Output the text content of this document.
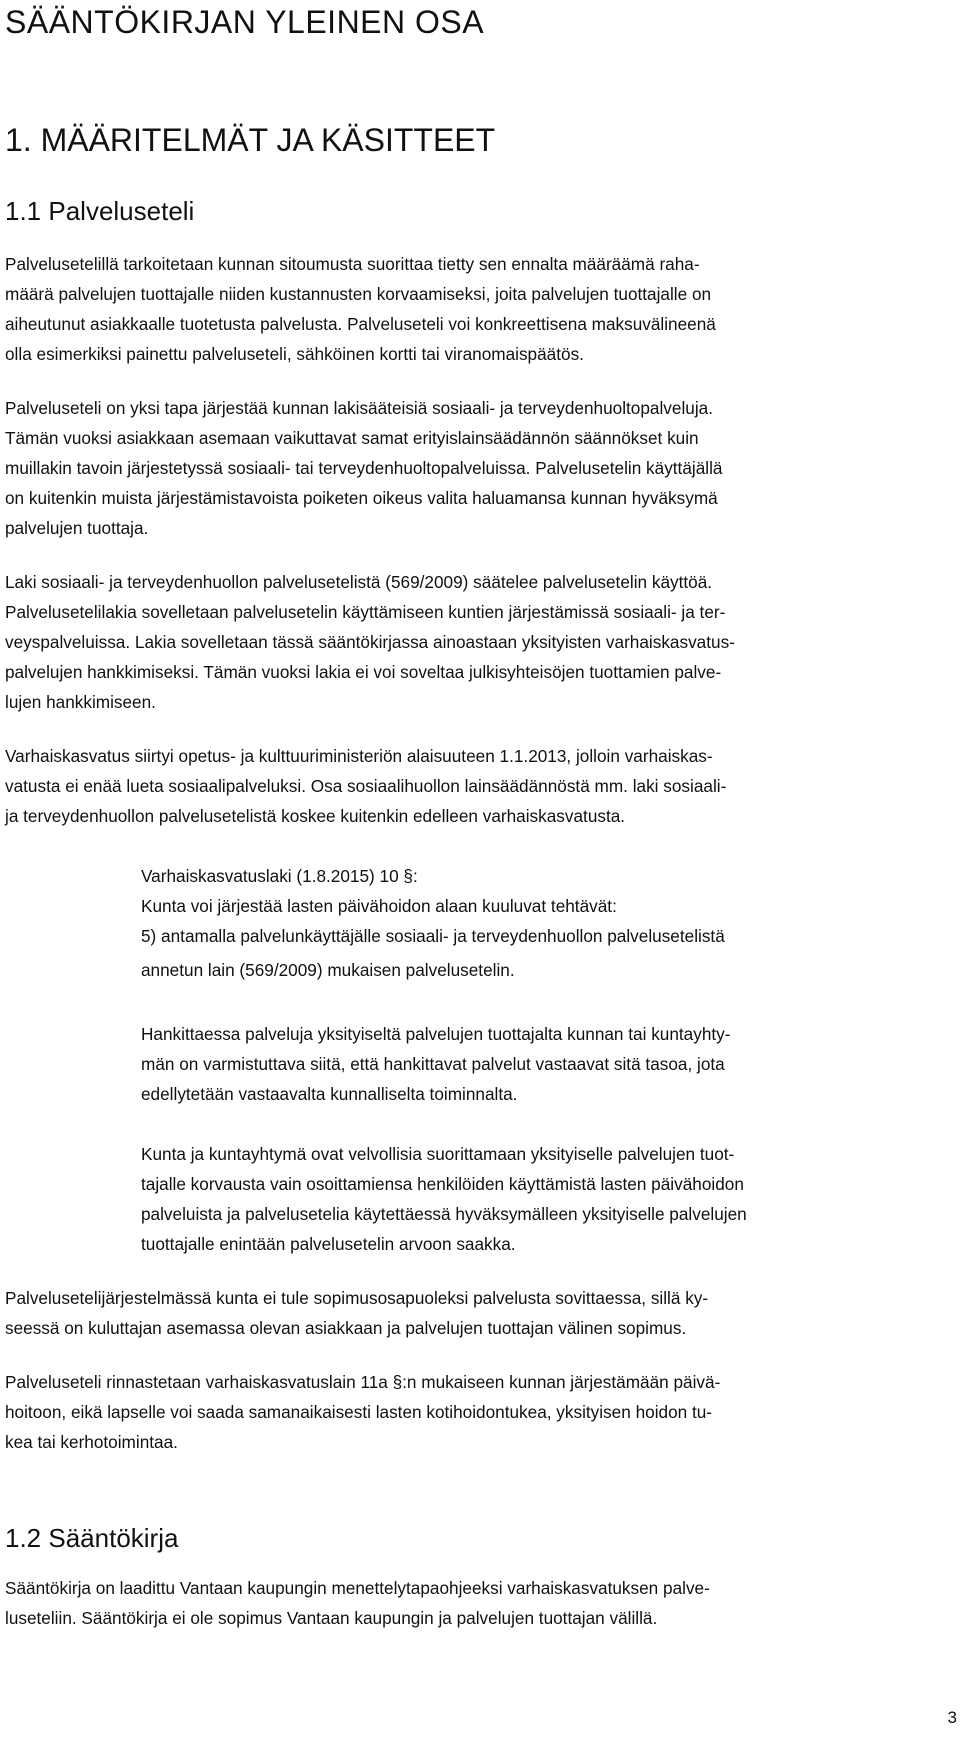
SÄÄNTÖKIRJAN YLEINEN OSA
1. MÄÄRITELMÄT JA KÄSITTEET
1.1 Palveluseteli
Palvelusetelillä tarkoitetaan kunnan sitoumusta suorittaa tietty sen ennalta määräämä raha-
määrä palvelujen tuottajalle niiden kustannusten korvaamiseksi, joita palvelujen tuottajalle on
aiheutunut asiakkaalle tuotetusta palvelusta. Palveluseteli voi konkreettisena maksuvälineenä
olla esimerkiksi painettu palveluseteli, sähköinen kortti tai viranomaispäätös.
Palveluseteli on yksi tapa järjestää kunnan lakisääteisiä sosiaali- ja terveydenhuoltopalveluja.
Tämän vuoksi asiakkaan asemaan vaikuttavat samat erityislainsäädännön säännökset kuin
muillakin tavoin järjestetyssä sosiaali- tai terveydenhuoltopalveluissa. Palvelusetelin käyttäjällä
on kuitenkin muista järjestämistavoista poiketen oikeus valita haluamansa kunnan hyväksymä
palvelujen tuottaja.
Laki sosiaali- ja terveydenhuollon palvelusetelistä (569/2009) säätelee palvelusetelin käyttöä.
Palvelusetelilakia sovelletaan palvelusetelin käyttämiseen kuntien järjestämissä sosiaali- ja ter-
veyspalveluissa. Lakia sovelletaan tässä sääntökirjassa ainoastaan yksityisten varhaiskasvatus-
palvelujen hankkimiseksi. Tämän vuoksi lakia ei voi soveltaa julkisyhteisöjen tuottamien palve-
lujen hankkimiseen.
Varhaiskasvatus siirtyi opetus- ja kulttuuriministeriön alaisuuteen 1.1.2013, jolloin varhaiskas-
vatusta ei enää lueta sosiaalipalveluksi. Osa sosiaalihuollon lainsäädännöstä mm. laki sosiaali-
ja terveydenhuollon palvelusetelistä koskee kuitenkin edelleen varhaiskasvatusta.
Varhaiskasvatuslaki (1.8.2015) 10 §:
Kunta voi järjestää lasten päivähoidon alaan kuuluvat tehtävät:
5) antamalla palvelunkäyttäjälle sosiaali- ja terveydenhuollon palvelusetelistä
annetun lain (569/2009) mukaisen palvelusetelin.
Hankittaessa palveluja yksityiseltä palvelujen tuottajalta kunnan tai kuntayhty-
män on varmistuttava siitä, että hankittavat palvelut vastaavat sitä tasoa, jota
edellytetään vastaavalta kunnalliselta toiminnalta.
Kunta ja kuntayhtymä ovat velvollisia suorittamaan yksityiselle palvelujen tuot-
tajalle korvausta vain osoittamiensa henkilöiden käyttämistä lasten päivähoidon
palveluista ja palvelusetelia käytettäessä hyväksymälleen yksityiselle palvelujen
tuottajalle enintään palvelusetelin arvoon saakka.
Palvelusetelijärjestelmässä kunta ei tule sopimusosapuoleksi palvelusta sovittaessa, sillä ky-
seessä on kuluttajan asemassa olevan asiakkaan ja palvelujen tuottajan välinen sopimus.
Palveluseteli rinnastetaan varhaiskasvatuslain 11a §:n mukaiseen kunnan järjestämään päivä-
hoitoon, eikä lapselle voi saada samanaikaisesti lasten kotihoidontukea, yksityisen hoidon tu-
kea tai kerhotoimintaa.
1.2 Sääntökirja
Sääntökirja on laadittu Vantaan kaupungin menettelytapaohjeeksi varhaiskasvatuksen palve-
luseteliin. Sääntökirja ei ole sopimus Vantaan kaupungin ja palvelujen tuottajan välillä.
3
